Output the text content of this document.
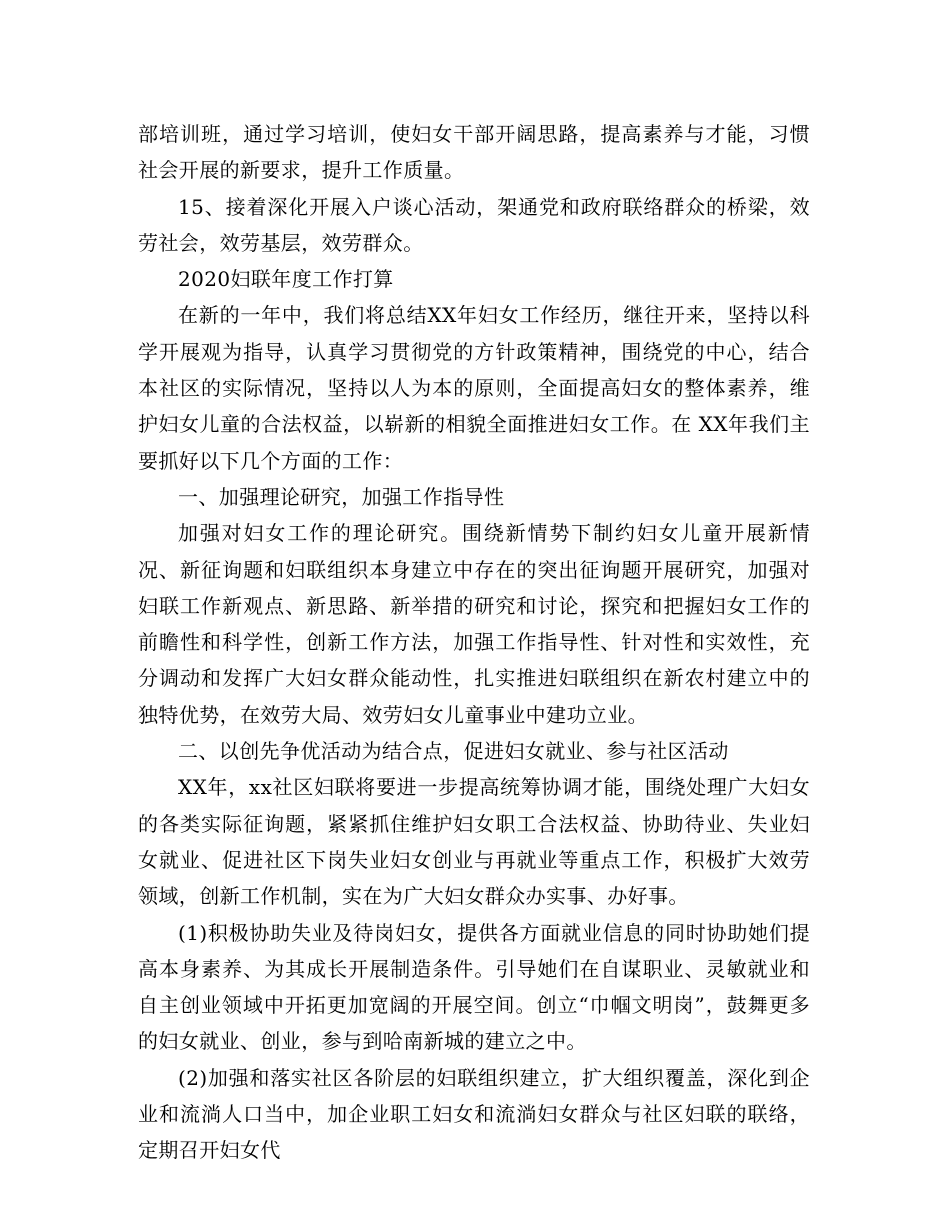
部培训班，通过学习培训，使妇女干部开阔思路，提高素养与才能，习惯社会开展的新要求，提升工作质量。

15、接着深化开展入户谈心活动，架通党和政府联络群众的桥梁，效劳社会，效劳基层，效劳群众。

2020妇联年度工作打算

在新的一年中，我们将总结XX年妇女工作经历，继往开来，坚持以科学开展观为指导，认真学习贯彻党的方针政策精神，围绕党的中心，结合本社区的实际情况，坚持以人为本的原则，全面提高妇女的整体素养，维护妇女儿童的合法权益，以崭新的相貌全面推进妇女工作。在 XX年我们主要抓好以下几个方面的工作：

一、加强理论研究，加强工作指导性

加强对妇女工作的理论研究。围绕新情势下制约妇女儿童开展新情况、新征询题和妇联组织本身建立中存在的突出征询题开展研究，加强对妇联工作新观点、新思路、新举措的研究和讨论，探究和把握妇女工作的前瞻性和科学性，创新工作方法，加强工作指导性、针对性和实效性，充分调动和发挥广大妇女群众能动性，扎实推进妇联组织在新农村建立中的独特优势，在效劳大局、效劳妇女儿童事业中建功立业。

二、以创先争优活动为结合点，促进妇女就业、参与社区活动

XX年，xx社区妇联将要进一步提高统筹协调才能，围绕处理广大妇女的各类实际征询题，紧紧抓住维护妇女职工合法权益、协助待业、失业妇女就业、促进社区下岗失业妇女创业与再就业等重点工作，积极扩大效劳领域，创新工作机制，实在为广大妇女群众办实事、办好事。

(1)积极协助失业及待岗妇女，提供各方面就业信息的同时协助她们提高本身素养、为其成长开展制造条件。引导她们在自谋职业、灵敏就业和自主创业领域中开拓更加宽阔的开展空间。创立“巾帼文明岗”，鼓舞更多的妇女就业、创业，参与到哈南新城的建立之中。

(2)加强和落实社区各阶层的妇联组织建立，扩大组织覆盖，深化到企业和流淌人口当中，加企业职工妇女和流淌妇女群众与社区妇联的联络，定期召开妇女代
